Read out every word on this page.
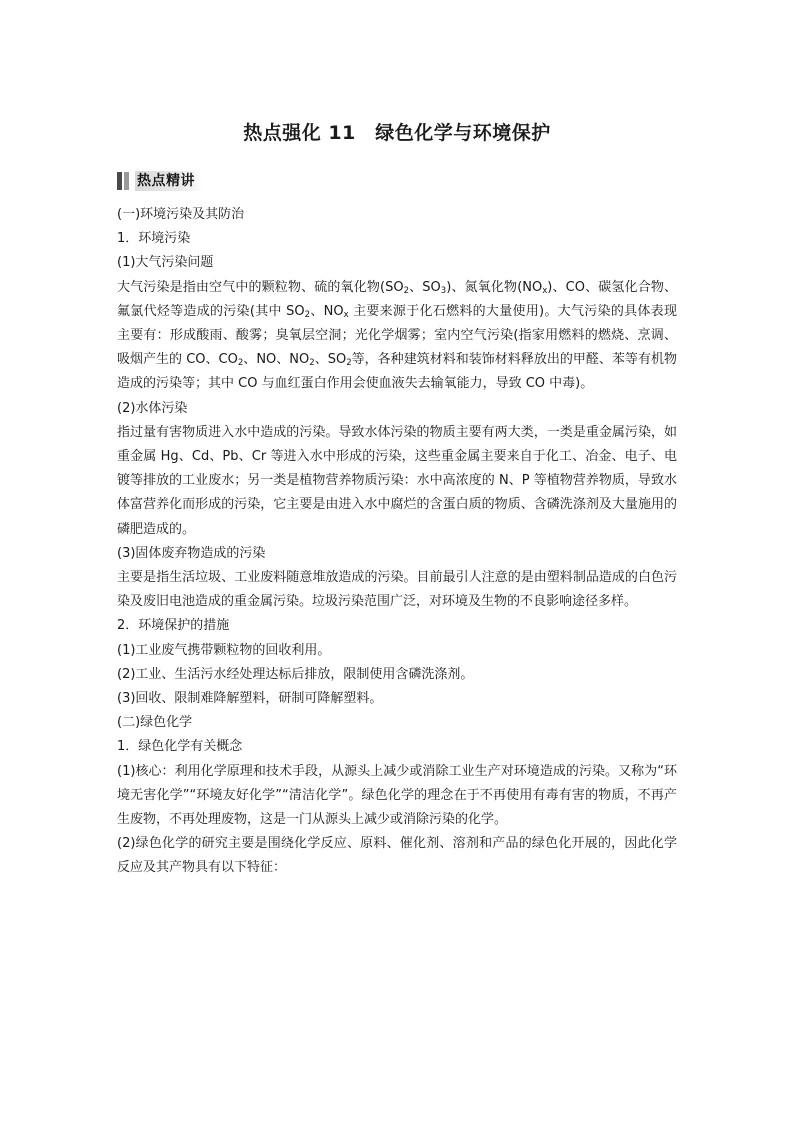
热点强化 11　绿色化学与环境保护
热点精讲

(一)环境污染及其防治

1．环境污染

(1)大气污染问题

大气污染是指由空气中的颗粒物、硫的氧化物($SO_2$、$SO_3$)、氮氧化物$(NO_x)$、CO、碳氢化合物、氟氯代烃等造成的污染(其中 $SO_2$、$NO_x$ 主要来源于化石燃料的大量使用)。大气污染的具体表现主要有：形成酸雨、酸雾；臭氧层空洞；光化学烟雾；室内空气污染(指家用燃料的燃烧、烹调、吸烟产生的 CO、$CO_2$、NO、$NO_2$、$SO_2$等，各种建筑材料和装饰材料释放出的甲醛、苯等有机物造成的污染等；其中 CO 与血红蛋白作用会使血液失去输氧能力，导致 CO 中毒)。

(2)水体污染

指过量有害物质进入水中造成的污染。导致水体污染的物质主要有两大类，一类是重金属污染，如重金属 Hg、Cd、Pb、Cr 等进入水中形成的污染，这些重金属主要来自于化工、冶金、电子、电镀等排放的工业废水；另一类是植物营养物质污染：水中高浓度的 N、P 等植物营养物质，导致水体富营养化而形成的污染，它主要是由进入水中腐烂的含蛋白质的物质、含磷洗涤剂及大量施用的磷肥造成的。

(3)固体废弃物造成的污染

主要是指生活垃圾、工业废料随意堆放造成的污染。目前最引人注意的是由塑料制品造成的白色污染及废旧电池造成的重金属污染。垃圾污染范围广泛，对环境及生物的不良影响途径多样。

2．环境保护的措施

(1)工业废气携带颗粒物的回收利用。

(2)工业、生活污水经处理达标后排放，限制使用含磷洗涤剂。

(3)回收、限制难降解塑料，研制可降解塑料。

(二)绿色化学

1．绿色化学有关概念

(1)核心：利用化学原理和技术手段，从源头上减少或消除工业生产对环境造成的污染。又称为“环境无害化学”“环境友好化学”“清洁化学”。绿色化学的理念在于不再使用有毒有害的物质，不再产生废物，不再处理废物，这是一门从源头上减少或消除污染的化学。

(2)绿色化学的研究主要是围绕化学反应、原料、催化剂、溶剂和产品的绿色化开展的，因此化学反应及其产物具有以下特征：
